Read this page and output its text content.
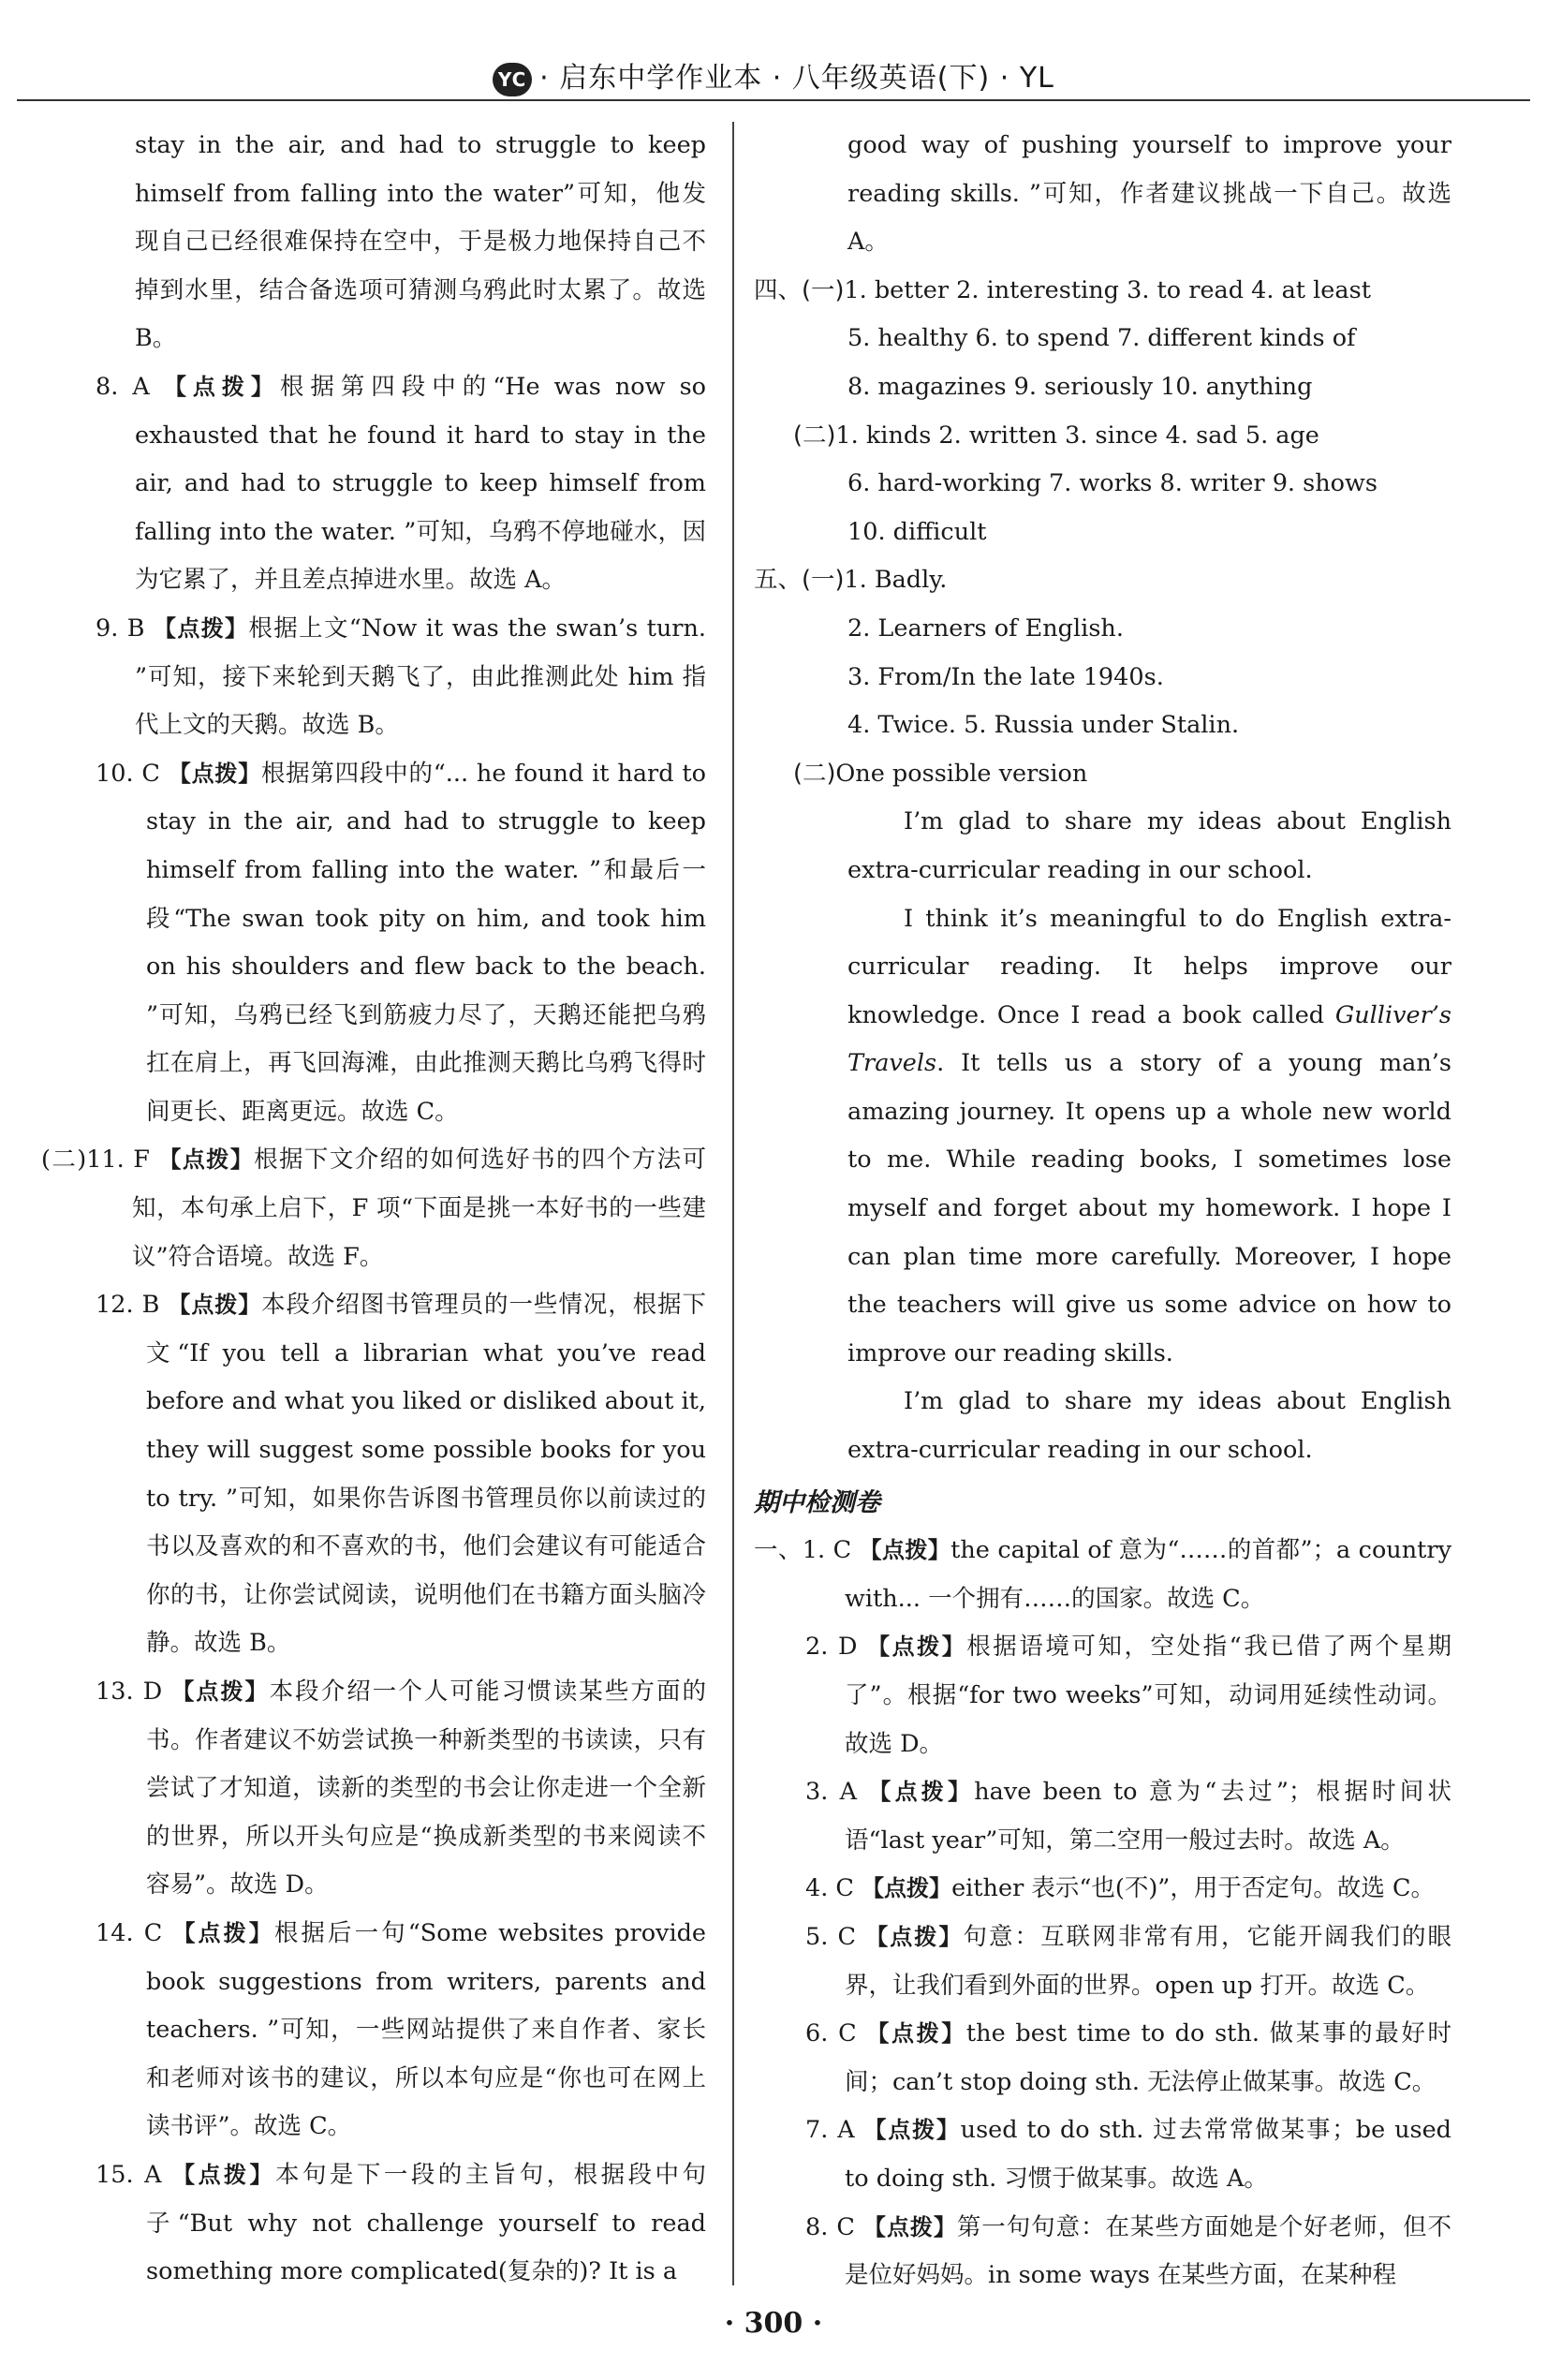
YC · 启东中学作业本 · 八年级英语(下) · YL

stay in the air, and had to struggle to keep himself from falling into the water”可知，他发现自己已经很难保持在空中，于是极力地保持自己不掉到水里，结合备选项可猜测乌鸦此时太累了。故选 B。

8. A 【点拨】根据第四段中的“He was now so exhausted that he found it hard to stay in the air, and had to struggle to keep himself from falling into the water. ”可知，乌鸦不停地碰水，因为它累了，并且差点掉进水里。故选 A。

9. B 【点拨】根据上文“Now it was the swan’s turn. ”可知，接下来轮到天鹅飞了，由此推测此处 him 指代上文的天鹅。故选 B。

10. C 【点拨】根据第四段中的“... he found it hard to stay in the air, and had to struggle to keep himself from falling into the water. ”和最后一段“The swan took pity on him, and took him on his shoulders and flew back to the beach. ”可知，乌鸦已经飞到筋疲力尽了，天鹅还能把乌鸦扛在肩上，再飞回海滩，由此推测天鹅比乌鸦飞得时间更长、距离更远。故选 C。

(二)11. F 【点拨】根据下文介绍的如何选好书的四个方法可知，本句承上启下，F 项“下面是挑一本好书的一些建议”符合语境。故选 F。

12. B 【点拨】本段介绍图书管理员的一些情况，根据下文“If you tell a librarian what you’ve read before and what you liked or disliked about it, they will suggest some possible books for you to try. ”可知，如果你告诉图书管理员你以前读过的书以及喜欢的和不喜欢的书，他们会建议有可能适合你的书，让你尝试阅读，说明他们在书籍方面头脑冷静。故选 B。

13. D 【点拨】本段介绍一个人可能习惯读某些方面的书。作者建议不妨尝试换一种新类型的书读读，只有尝试了才知道，读新的类型的书会让你走进一个全新的世界，所以开头句应是“换成新类型的书来阅读不容易”。故选 D。

14. C 【点拨】根据后一句“Some websites provide book suggestions from writers, parents and teachers. ”可知，一些网站提供了来自作者、家长和老师对该书的建议，所以本句应是“你也可在网上读书评”。故选 C。

15. A 【点拨】本句是下一段的主旨句，根据段中句子“But why not challenge yourself to read something more complicated(复杂的)? It is a

good way of pushing yourself to improve your reading skills. ”可知，作者建议挑战一下自己。故选 A。

四、(一)1. better 2. interesting 3. to read 4. at least

5. healthy 6. to spend 7. different kinds of

8. magazines 9. seriously 10. anything

(二)1. kinds 2. written 3. since 4. sad 5. age

6. hard-working 7. works 8. writer 9. shows

10. difficult

五、(一)1. Badly.

2. Learners of English.

3. From/In the late 1940s.

4. Twice. 5. Russia under Stalin.

(二)One possible version

I’m glad to share my ideas about English extra-curricular reading in our school.

I think it’s meaningful to do English extra-curricular reading. It helps improve our knowledge. Once I read a book called Gulliver’s Travels. It tells us a story of a young man’s amazing journey. It opens up a whole new world to me. While reading books, I sometimes lose myself and forget about my homework. I hope I can plan time more carefully. Moreover, I hope the teachers will give us some advice on how to improve our reading skills.

I’m glad to share my ideas about English extra-curricular reading in our school.

期中检测卷

一、1. C 【点拨】the capital of 意为“……的首都”；a country with... 一个拥有……的国家。故选 C。

2. D 【点拨】根据语境可知，空处指“我已借了两个星期了”。根据“for two weeks”可知，动词用延续性动词。故选 D。

3. A 【点拨】have been to 意为“去过”；根据时间状语“last year”可知，第二空用一般过去时。故选 A。

4. C 【点拨】either 表示“也(不)”，用于否定句。故选 C。

5. C 【点拨】句意：互联网非常有用，它能开阔我们的眼界，让我们看到外面的世界。open up 打开。故选 C。

6. C 【点拨】the best time to do sth. 做某事的最好时间；can’t stop doing sth. 无法停止做某事。故选 C。

7. A 【点拨】used to do sth. 过去常常做某事；be used to doing sth. 习惯于做某事。故选 A。

8. C 【点拨】第一句句意：在某些方面她是个好老师，但不是位好妈妈。in some ways 在某些方面，在某种程

· 300 ·
